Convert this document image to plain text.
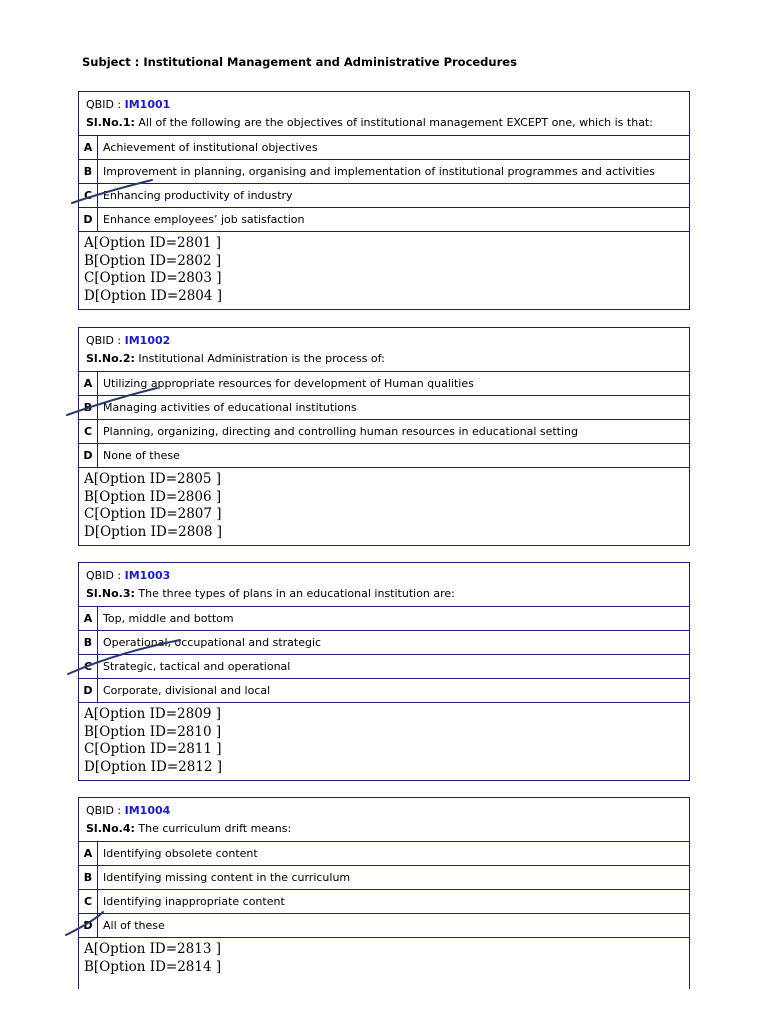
Subject : Institutional Management and Administrative Procedures
QBID : IM1001
Sl.No.1: All of the following are the objectives of institutional management EXCEPT one, which is that:
A Achievement of institutional objectives
B Improvement in planning, organising and implementation of institutional programmes and activities
C Enhancing productivity of industry
D Enhance employees’ job satisfaction
A[Option ID=2801 ]
B[Option ID=2802 ]
C[Option ID=2803 ]
D[Option ID=2804 ]
QBID : IM1002
Sl.No.2: Institutional Administration is the process of:
A Utilizing appropriate resources for development of Human qualities
B Managing activities of educational institutions
C Planning, organizing, directing and controlling human resources in educational setting
D None of these
A[Option ID=2805 ]
B[Option ID=2806 ]
C[Option ID=2807 ]
D[Option ID=2808 ]
QBID : IM1003
Sl.No.3: The three types of plans in an educational institution are:
A Top, middle and bottom
B Operational, occupational and strategic
C Strategic, tactical and operational
D Corporate, divisional and local
A[Option ID=2809 ]
B[Option ID=2810 ]
C[Option ID=2811 ]
D[Option ID=2812 ]
QBID : IM1004
Sl.No.4: The curriculum drift means:
A Identifying obsolete content
B Identifying missing content in the curriculum
C Identifying inappropriate content
D All of these
A[Option ID=2813 ]
B[Option ID=2814 ]
